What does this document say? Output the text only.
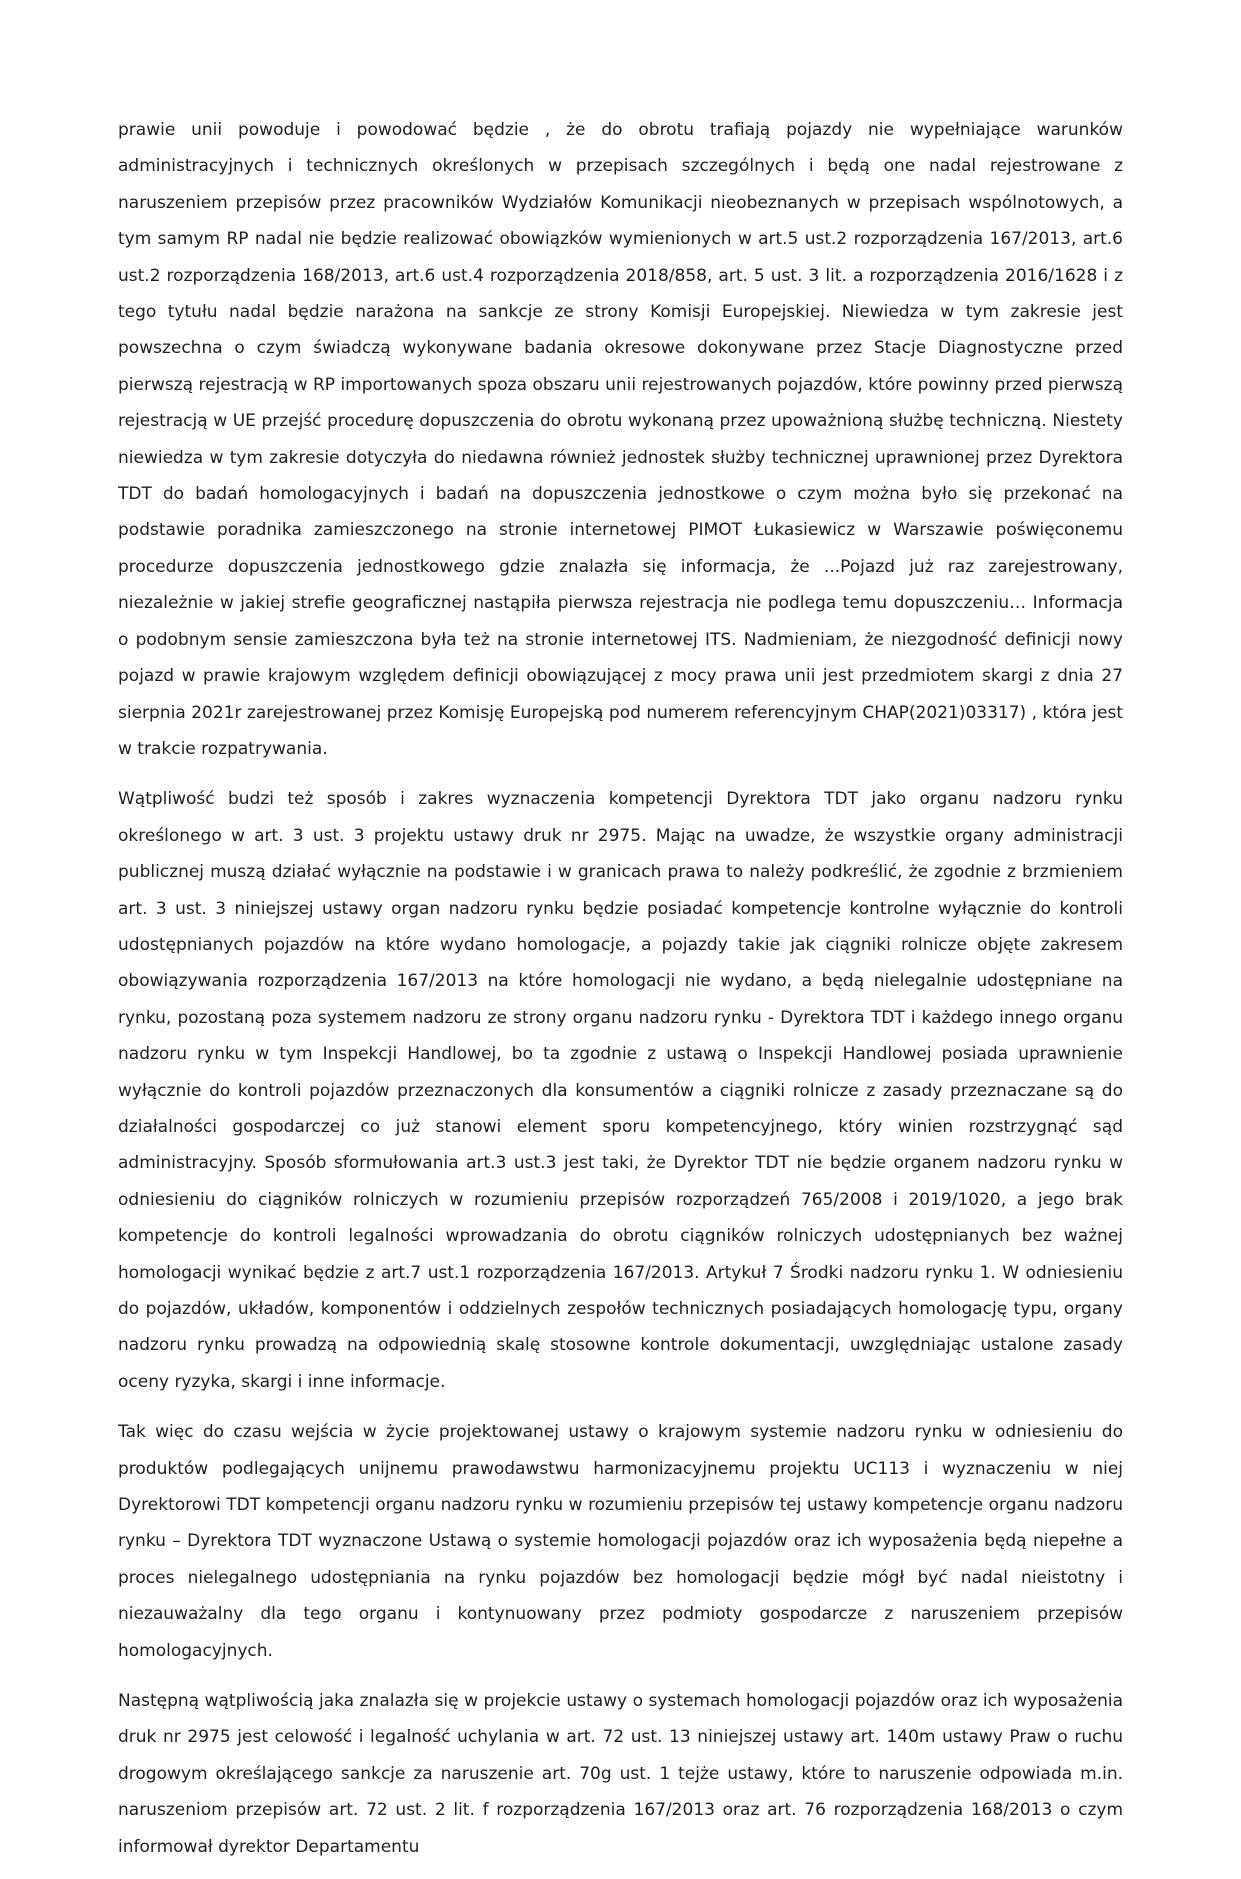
prawie unii powoduje i powodować będzie , że do obrotu trafiają pojazdy nie wypełniające warunków administracyjnych i technicznych określonych w przepisach szczególnych i będą one nadal rejestrowane z naruszeniem przepisów przez pracowników Wydziałów Komunikacji nieobeznanych w przepisach wspólnotowych, a tym samym RP nadal nie będzie realizować obowiązków wymienionych w art.5 ust.2 rozporządzenia 167/2013, art.6 ust.2 rozporządzenia 168/2013, art.6 ust.4 rozporządzenia 2018/858, art. 5 ust. 3 lit. a rozporządzenia 2016/1628 i z tego tytułu nadal będzie narażona na sankcje ze strony Komisji Europejskiej. Niewiedza w tym zakresie jest powszechna o czym świadczą wykonywane badania okresowe dokonywane przez Stacje Diagnostyczne przed pierwszą rejestracją w RP importowanych spoza obszaru unii rejestrowanych pojazdów, które powinny przed pierwszą rejestracją w UE przejść procedurę dopuszczenia do obrotu wykonaną przez upoważnioną służbę techniczną. Niestety niewiedza w tym zakresie dotyczyła do niedawna również jednostek służby technicznej uprawnionej przez Dyrektora TDT do badań homologacyjnych i badań na dopuszczenia jednostkowe o czym można było się przekonać na podstawie poradnika zamieszczonego na stronie internetowej PIMOT Łukasiewicz w Warszawie poświęconemu procedurze dopuszczenia jednostkowego gdzie znalazła się informacja, że ...Pojazd już raz zarejestrowany, niezależnie w jakiej strefie geograficznej nastąpiła pierwsza rejestracja nie podlega temu dopuszczeniu… Informacja o podobnym sensie zamieszczona była też na stronie internetowej ITS. Nadmieniam, że niezgodność definicji nowy pojazd w prawie krajowym względem definicji obowiązującej z mocy prawa unii jest przedmiotem skargi z dnia 27 sierpnia 2021r zarejestrowanej przez Komisję Europejską pod numerem referencyjnym CHAP(2021)03317) , która jest w trakcie rozpatrywania.

Wątpliwość budzi też sposób i zakres wyznaczenia kompetencji Dyrektora TDT jako organu nadzoru rynku określonego w art. 3 ust. 3 projektu ustawy druk nr 2975. Mając na uwadze, że wszystkie organy administracji publicznej muszą działać wyłącznie na podstawie i w granicach prawa to należy podkreślić, że zgodnie z brzmieniem art. 3 ust. 3 niniejszej ustawy organ nadzoru rynku będzie posiadać kompetencje kontrolne wyłącznie do kontroli udostępnianych pojazdów na które wydano homologacje, a pojazdy takie jak ciągniki rolnicze objęte zakresem obowiązywania rozporządzenia 167/2013 na które homologacji nie wydano, a będą nielegalnie udostępniane na rynku, pozostaną poza systemem nadzoru ze strony organu nadzoru rynku - Dyrektora TDT i każdego innego organu nadzoru rynku w tym Inspekcji Handlowej, bo ta zgodnie z ustawą o Inspekcji Handlowej posiada uprawnienie wyłącznie do kontroli pojazdów przeznaczonych dla konsumentów a ciągniki rolnicze z zasady przeznaczane są do działalności gospodarczej co już stanowi element sporu kompetencyjnego, który winien rozstrzygnąć sąd administracyjny. Sposób sformułowania art.3 ust.3 jest taki, że Dyrektor TDT nie będzie organem nadzoru rynku w odniesieniu do ciągników rolniczych w rozumieniu przepisów rozporządzeń 765/2008 i 2019/1020, a jego brak kompetencje do kontroli legalności wprowadzania do obrotu ciągników rolniczych udostępnianych bez ważnej homologacji wynikać będzie z art.7 ust.1 rozporządzenia 167/2013. Artykuł 7 Środki nadzoru rynku 1. W odniesieniu do pojazdów, układów, komponentów i oddzielnych zespołów technicznych posiadających homologację typu, organy nadzoru rynku prowadzą na odpowiednią skalę stosowne kontrole dokumentacji, uwzględniając ustalone zasady oceny ryzyka, skargi i inne informacje.

Tak więc do czasu wejścia w życie projektowanej ustawy o krajowym systemie nadzoru rynku w odniesieniu do produktów podlegających unijnemu prawodawstwu harmonizacyjnemu projektu UC113 i wyznaczeniu w niej Dyrektorowi TDT kompetencji organu nadzoru rynku w rozumieniu przepisów tej ustawy kompetencje organu nadzoru rynku – Dyrektora TDT wyznaczone Ustawą o systemie homologacji pojazdów oraz ich wyposażenia będą niepełne a proces nielegalnego udostępniania na rynku pojazdów bez homologacji będzie mógł być nadal nieistotny i niezauważalny dla tego organu i kontynuowany przez podmioty gospodarcze z naruszeniem przepisów homologacyjnych.

Następną wątpliwością jaka znalazła się w projekcie ustawy o systemach homologacji pojazdów oraz ich wyposażenia druk nr 2975 jest celowość i legalność uchylania w art. 72 ust. 13 niniejszej ustawy art. 140m ustawy Praw o ruchu drogowym określającego sankcje za naruszenie art. 70g ust. 1 tejże ustawy, które to naruszenie odpowiada m.in. naruszeniom przepisów art. 72 ust. 2 lit. f rozporządzenia 167/2013 oraz art. 76 rozporządzenia 168/2013 o czym informował dyrektor Departamentu
